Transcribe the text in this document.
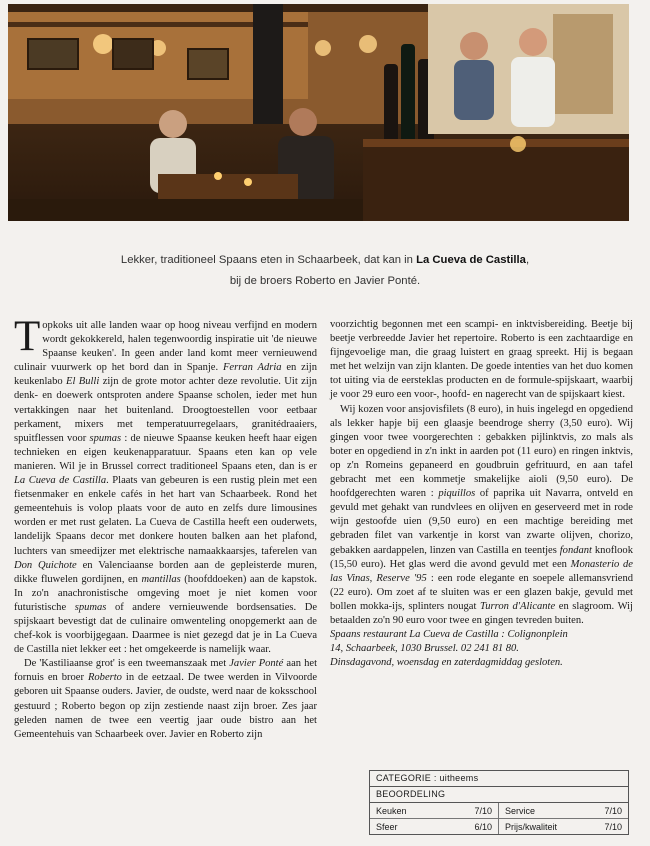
Lekker, traditioneel Spaans eten in Schaarbeek, dat kan in La Cueva de Castilla,
bij de broers Roberto en Javier Ponté.

Topkoks uit alle landen waar op hoog niveau verfijnd en modern wordt gekokkereld, halen tegenwoordig inspiratie uit 'de nieuwe Spaanse keuken'. In geen ander land komt meer vernieuwend culinair vuurwerk op het bord dan in Spanje. Ferran Adria en zijn keukenlabo El Bulli zijn de grote motor achter deze revolutie. Uit zijn denk- en doewerk ontsproten andere Spaanse scholen, ieder met hun vertakkingen naar het buitenland. Droogtoestellen voor eetbaar perkament, mixers met temperatuurregelaars, granitédraaiers, spuitflessen voor spumas : de nieuwe Spaanse keuken heeft haar eigen technieken en eigen keukenapparatuur. Spaans eten kan op vele manieren. Wil je in Brussel correct traditioneel Spaans eten, dan is er La Cueva de Castilla. Plaats van gebeuren is een rustig plein met een fietsenmaker en enkele cafés in het hart van Schaarbeek. Rond het gemeentehuis is volop plaats voor de auto en zelfs dure limousines worden er met rust gelaten. La Cueva de Castilla heeft een ouderwets, landelijk Spaans decor met donkere houten balken aan het plafond, luchters van smeedijzer met elektrische namaakkaarsjes, taferelen van Don Quichote en Valenciaanse borden aan de gepleisterde muren, dikke fluwelen gordijnen, en mantillas (hoofddoeken) aan de kapstok. In zo'n anachronistische omgeving moet je niet komen voor futuristische spumas of andere vernieuwende bordsensaties. De spijskaart bevestigt dat de culinaire omwenteling onopgemerkt aan de chef-kok is voorbijgegaan. Daarmee is niet gezegd dat je in La Cueva de Castilla niet lekker eet : het omgekeerde is namelijk waar.

De 'Kastiliaanse grot' is een tweemanszaak met Javier Ponté aan het fornuis en broer Roberto in de eetzaal. De twee werden in Vilvoorde geboren uit Spaanse ouders. Javier, de oudste, werd naar de koksschool gestuurd ; Roberto begon op zijn zestiende naast zijn broer. Zes jaar geleden namen de twee een veertig jaar oude bistro aan het Gemeentehuis van Schaarbeek over. Javier en Roberto zijn

voorzichtig begonnen met een scampi- en inktvisbereiding. Beetje bij beetje verbreedde Javier het repertoire. Roberto is een zachtaardige en fijngevoelige man, die graag luistert en graag spreekt. Hij is begaan met het welzijn van zijn klanten. De goede intenties van het duo komen tot uiting via de eersteklas producten en de formule-spijskaart, waarbij je voor 29 euro een voor-, hoofd- en nagerecht van de spijskaart kiest.

Wij kozen voor ansjovisfilets (8 euro), in huis ingelegd en opgediend als lekker hapje bij een glaasje beendroge sherry (3,50 euro). Wij gingen voor twee voorgerechten : gebakken pijlinktvis, zo mals als boter en opgediend in z'n inkt in aarden pot (11 euro) en ringen inktvis, op z'n Romeins gepaneerd en goudbruin gefrituurd, en aan tafel gebracht met een kommetje smakelijke aioli (9,50 euro). De hoofdgerechten waren : piquillos of paprika uit Navarra, ontveld en gevuld met gehakt van rundvlees en olijven en geserveerd met in rode wijn gestoofde uien (9,50 euro) en een machtige bereiding met gebraden filet van varkentje in korst van zwarte olijven, chorizo, gebakken aardappelen, linzen van Castilla en teentjes fondant knoflook (15,50 euro). Het glas werd die avond gevuld met een Monasterio de las Vinas, Reserve '95 : een rode elegante en soepele allemansvriend (22 euro). Om zoet af te sluiten was er een glazen bakje, gevuld met bollen mokka-ijs, splinters nougat Turron d'Alicante en slagroom. Wij betaalden zo'n 90 euro voor twee en gingen tevreden buiten.

Spaans restaurant La Cueva de Castilla : Colignonplein
14, Schaarbeek, 1030 Brussel. 02 241 81 80.
Dinsdagavond, woensdag en zaterdagmiddag gesloten.
CATEGORIE : uitheems
BEOORDELING
Keuken	7/10 Service	7/10
Sfeer	6/10 Prijs/kwaliteit	7/10
